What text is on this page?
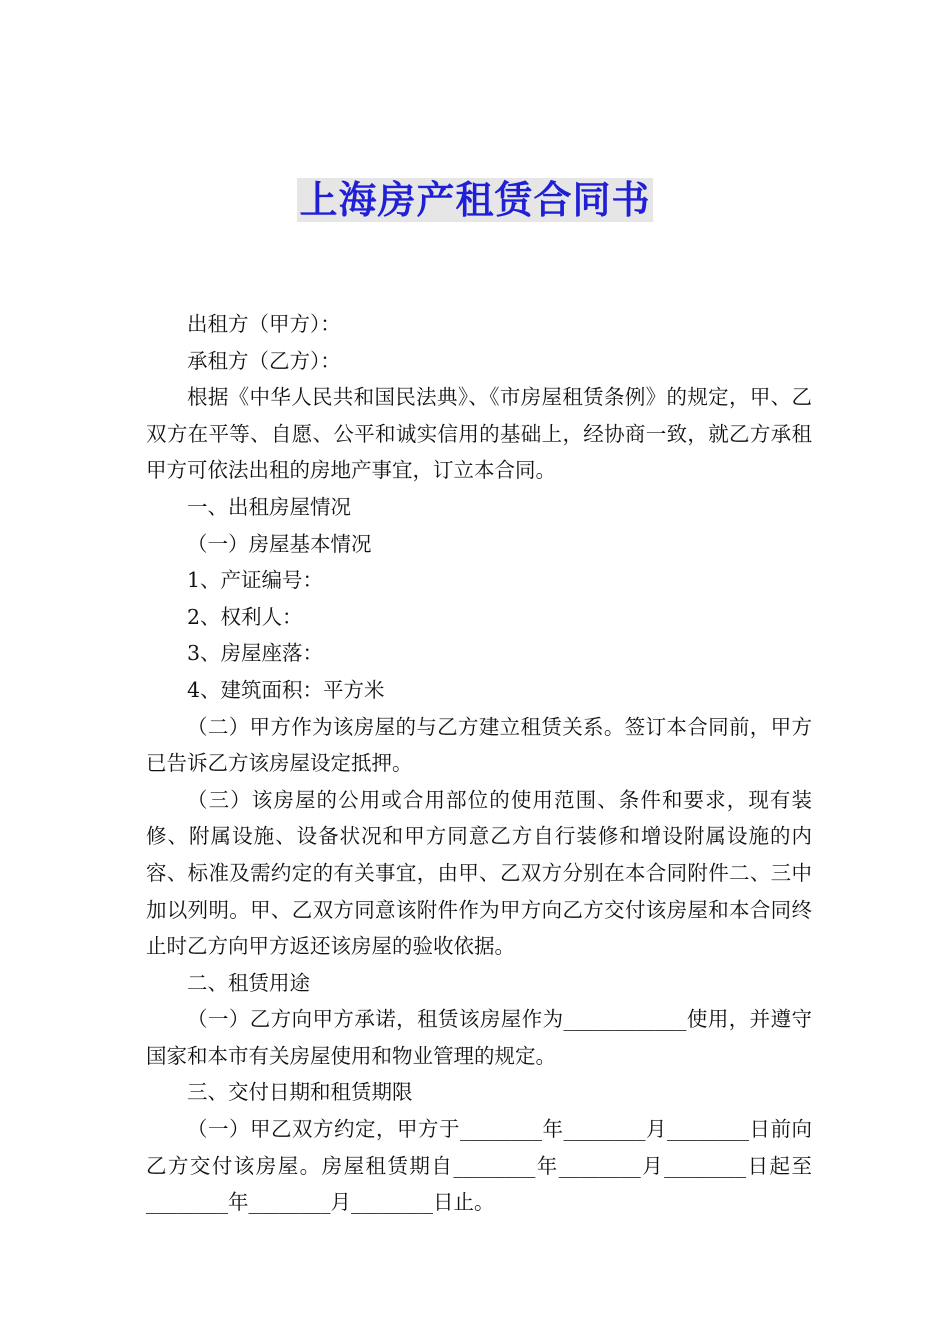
上海房产租赁合同书

出租方（甲方）：

承租方（乙方）：

根据《中华人民共和国民法典》、《市房屋租赁条例》的规定，甲、乙双方在平等、自愿、公平和诚实信用的基础上，经协商一致，就乙方承租甲方可依法出租的房地产事宜，订立本合同。

一、出租房屋情况

（一）房屋基本情况

1、产证编号：

2、权利人：

3、房屋座落：

4、建筑面积：平方米

（二）甲方作为该房屋的与乙方建立租赁关系。签订本合同前，甲方已告诉乙方该房屋设定抵押。

（三）该房屋的公用或合用部位的使用范围、条件和要求，现有装修、附属设施、设备状况和甲方同意乙方自行装修和增设附属设施的内容、标准及需约定的有关事宜，由甲、乙双方分别在本合同附件二、三中加以列明。甲、乙双方同意该附件作为甲方向乙方交付该房屋和本合同终止时乙方向甲方返还该房屋的验收依据。

二、租赁用途

（一）乙方向甲方承诺，租赁该房屋作为____________使用，并遵守国家和本市有关房屋使用和物业管理的规定。

三、交付日期和租赁期限

（一）甲乙双方约定，甲方于________年________月________日前向乙方交付该房屋。房屋租赁期自________年________月________日起至________年________月________日止。
